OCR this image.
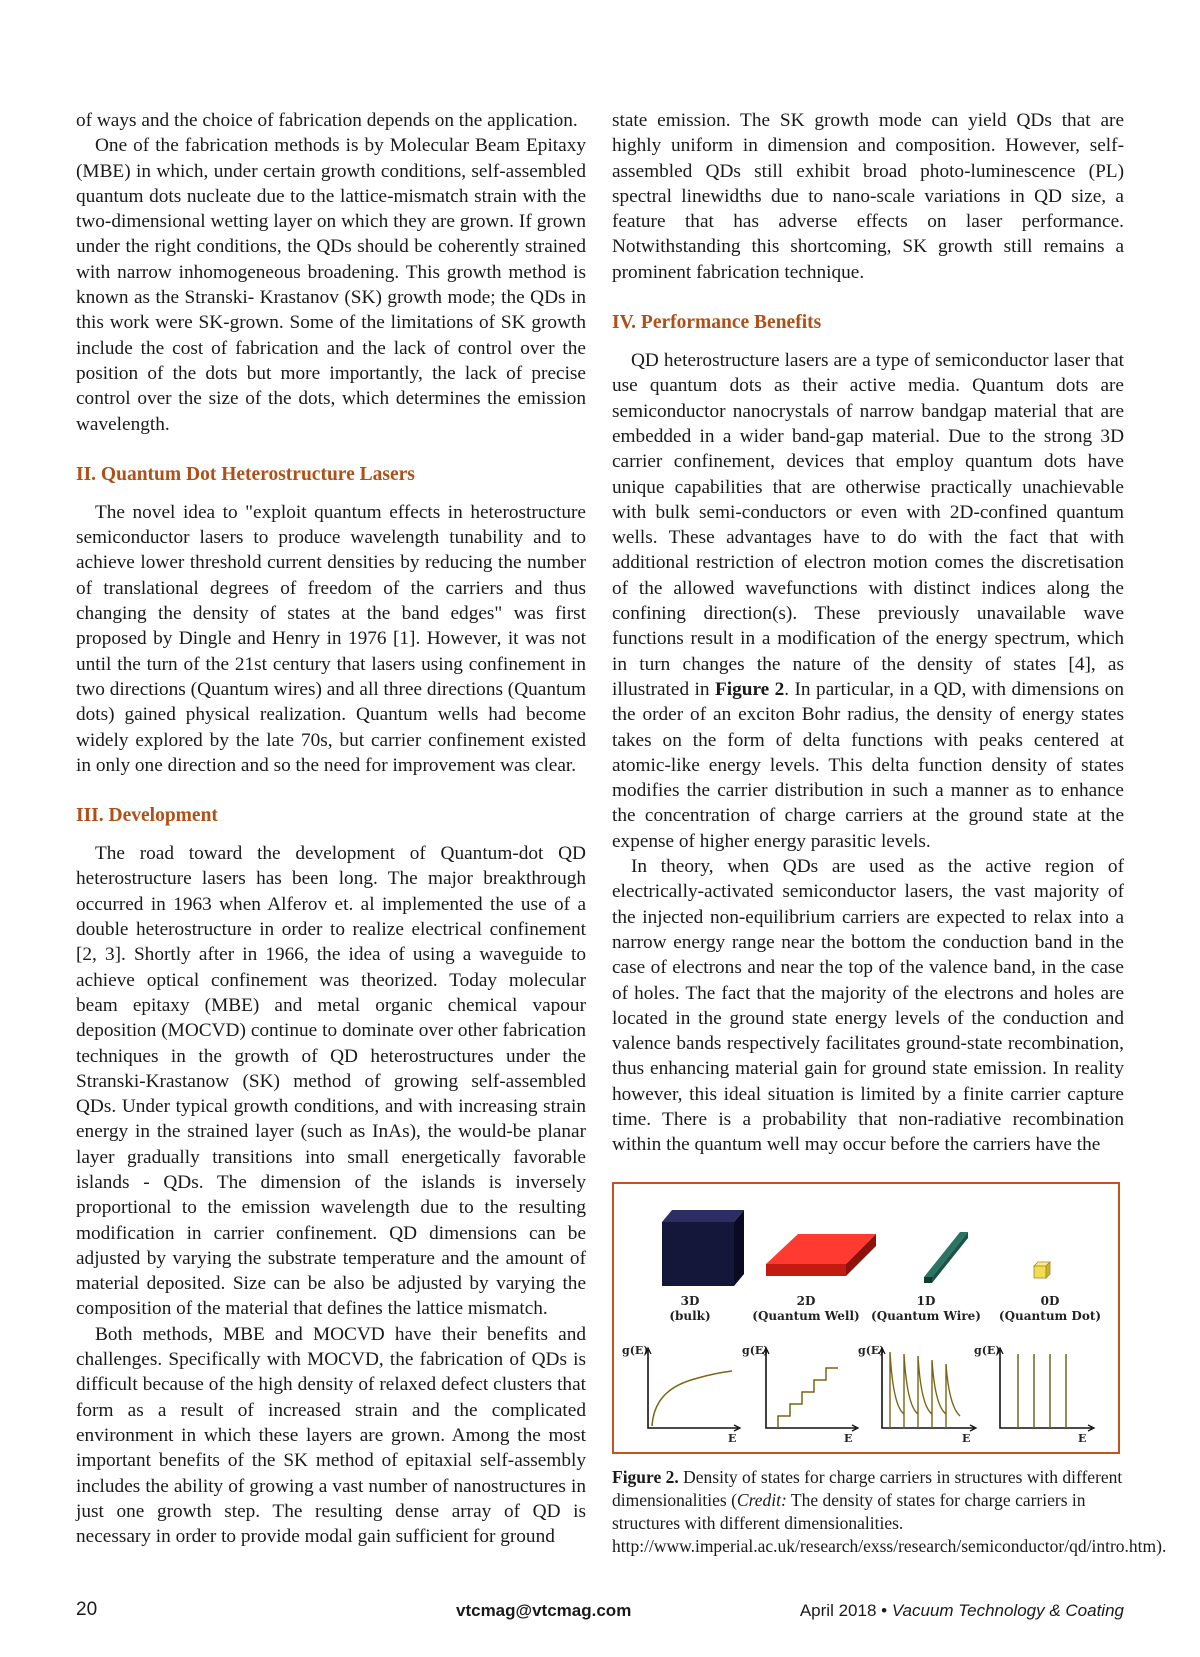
of ways and the choice of fabrication depends on the application.

One of the fabrication methods is by Molecular Beam Epitaxy (MBE) in which, under certain growth conditions, self-assembled quantum dots nucleate due to the lattice-mismatch strain with the two-dimensional wetting layer on which they are grown. If grown under the right conditions, the QDs should be coherently strained with narrow inhomogeneous broadening. This growth method is known as the Stranski- Krastanov (SK) growth mode; the QDs in this work were SK-grown. Some of the limitations of SK growth include the cost of fabrication and the lack of control over the position of the dots but more importantly, the lack of precise control over the size of the dots, which determines the emission wavelength.

II. Quantum Dot Heterostructure Lasers

The novel idea to "exploit quantum effects in heterostructure semiconductor lasers to produce wavelength tunability and to achieve lower threshold current densities by reducing the number of translational degrees of freedom of the carriers and thus changing the density of states at the band edges" was first proposed by Dingle and Henry in 1976 [1]. However, it was not until the turn of the 21st century that lasers using confinement in two directions (Quantum wires) and all three directions (Quantum dots) gained physical realization. Quantum wells had become widely explored by the late 70s, but carrier confinement existed in only one direction and so the need for improvement was clear.

III. Development

The road toward the development of Quantum-dot QD heterostructure lasers has been long. The major breakthrough occurred in 1963 when Alferov et. al implemented the use of a double heterostructure in order to realize electrical confinement [2, 3]. Shortly after in 1966, the idea of using a waveguide to achieve optical confinement was theorized. Today molecular beam epitaxy (MBE) and metal organic chemical vapour deposition (MOCVD) continue to dominate over other fabrication techniques in the growth of QD heterostructures under the Stranski-Krastanow (SK) method of growing self-assembled QDs. Under typical growth conditions, and with increasing strain energy in the strained layer (such as InAs), the would-be planar layer gradually transitions into small energetically favorable islands - QDs. The dimension of the islands is inversely proportional to the emission wavelength due to the resulting modification in carrier confinement. QD dimensions can be adjusted by varying the substrate temperature and the amount of material deposited. Size can be also be adjusted by varying the composition of the material that defines the lattice mismatch.

Both methods, MBE and MOCVD have their benefits and challenges. Specifically with MOCVD, the fabrication of QDs is difficult because of the high density of relaxed defect clusters that form as a result of increased strain and the complicated environment in which these layers are grown. Among the most important benefits of the SK method of epitaxial self-assembly includes the ability of growing a vast number of nanostructures in just one growth step. The resulting dense array of QD is necessary in order to provide modal gain sufficient for ground

state emission. The SK growth mode can yield QDs that are highly uniform in dimension and composition. However, self-assembled QDs still exhibit broad photo-luminescence (PL) spectral linewidths due to nano-scale variations in QD size, a feature that has adverse effects on laser performance. Notwithstanding this shortcoming, SK growth still remains a prominent fabrication technique.

IV. Performance Benefits

QD heterostructure lasers are a type of semiconductor laser that use quantum dots as their active media. Quantum dots are semiconductor nanocrystals of narrow bandgap material that are embedded in a wider band-gap material. Due to the strong 3D carrier confinement, devices that employ quantum dots have unique capabilities that are otherwise practically unachievable with bulk semi-conductors or even with 2D-confined quantum wells. These advantages have to do with the fact that with additional restriction of electron motion comes the discretisation of the allowed wavefunctions with distinct indices along the confining direction(s). These previously unavailable wave functions result in a modification of the energy spectrum, which in turn changes the nature of the density of states [4], as illustrated in Figure 2. In particular, in a QD, with dimensions on the order of an exciton Bohr radius, the density of energy states takes on the form of delta functions with peaks centered at atomic-like energy levels. This delta function density of states modifies the carrier distribution in such a manner as to enhance the concentration of charge carriers at the ground state at the expense of higher energy parasitic levels.

In theory, when QDs are used as the active region of electrically-activated semiconductor lasers, the vast majority of the injected non-equilibrium carriers are expected to relax into a narrow energy range near the bottom the conduction band in the case of electrons and near the top of the valence band, in the case of holes. The fact that the majority of the electrons and holes are located in the ground state energy levels of the conduction and valence bands respectively facilitates ground-state recombination, thus enhancing material gain for ground state emission. In reality however, this ideal situation is limited by a finite carrier capture time. There is a probability that non-radiative recombination within the quantum well may occur before the carriers have the

3D
(bulk)
2D
(Quantum Well)
1D
(Quantum Wire)
0D
(Quantum Dot)
g(E)
E
g(E)
E
g(E)
E
g(E)
E
Figure 2. Density of states for charge carriers in structures with different dimensionalities (Credit: The density of states for charge carriers in structures with different dimensionalities. http://www.imperial.ac.uk/research/exss/research/semiconductor/qd/intro.htm).
20	vtcmag@vtcmag.com	April 2018 • Vacuum Technology & Coating
